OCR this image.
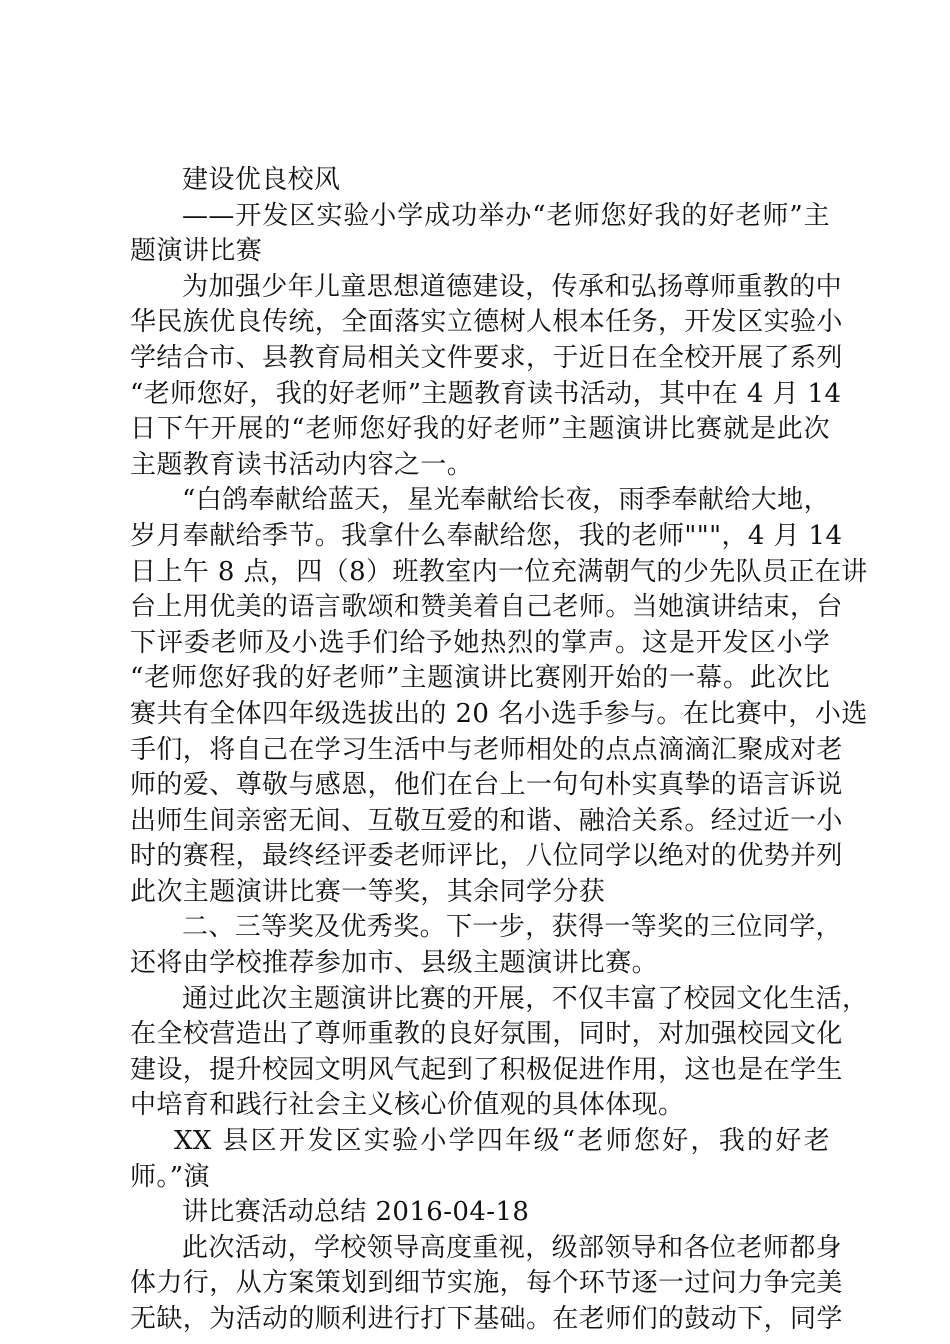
建设优良校风
——开发区实验小学成功举办“老师您好我的好老师”主
题演讲比赛
为加强少年儿童思想道德建设，传承和弘扬尊师重教的中
华民族优良传统，全面落实立德树人根本任务，开发区实验小
学结合市、县教育局相关文件要求，于近日在全校开展了系列
“老师您好，我的好老师”主题教育读书活动，其中在 4 月 14
日下午开展的“老师您好我的好老师”主题演讲比赛就是此次
主题教育读书活动内容之一。
“白鸽奉献给蓝天，星光奉献给长夜，雨季奉献给大地，
岁月奉献给季节。我拿什么奉献给您，我的老师"""，4 月 14
日上午 8 点，四（8）班教室内一位充满朝气的少先队员正在讲
台上用优美的语言歌颂和赞美着自己老师。当她演讲结束，台
下评委老师及小选手们给予她热烈的掌声。这是开发区小学
“老师您好我的好老师”主题演讲比赛刚开始的一幕。此次比
赛共有全体四年级选拔出的 20 名小选手参与。在比赛中，小选
手们，将自己在学习生活中与老师相处的点点滴滴汇聚成对老
师的爱、尊敬与感恩，他们在台上一句句朴实真挚的语言诉说
出师生间亲密无间、互敬互爱的和谐、融洽关系。经过近一小
时的赛程，最终经评委老师评比，八位同学以绝对的优势并列
此次主题演讲比赛一等奖，其余同学分获
二、三等奖及优秀奖。下一步，获得一等奖的三位同学，
还将由学校推荐参加市、县级主题演讲比赛。
通过此次主题演讲比赛的开展，不仅丰富了校园文化生活，
在全校营造出了尊师重教的良好氛围，同时，对加强校园文化
建设，提升校园文明风气起到了积极促进作用，这也是在学生
中培育和践行社会主义核心价值观的具体体现。
XX 县区开发区实验小学四年级“老师您好，我的好老
师。”演
讲比赛活动总结 2016-04-18
此次活动，学校领导高度重视，级部领导和各位老师都身
体力行，从方案策划到细节实施，每个环节逐一过问力争完美
无缺，为活动的顺利进行打下基础。在老师们的鼓动下，同学
